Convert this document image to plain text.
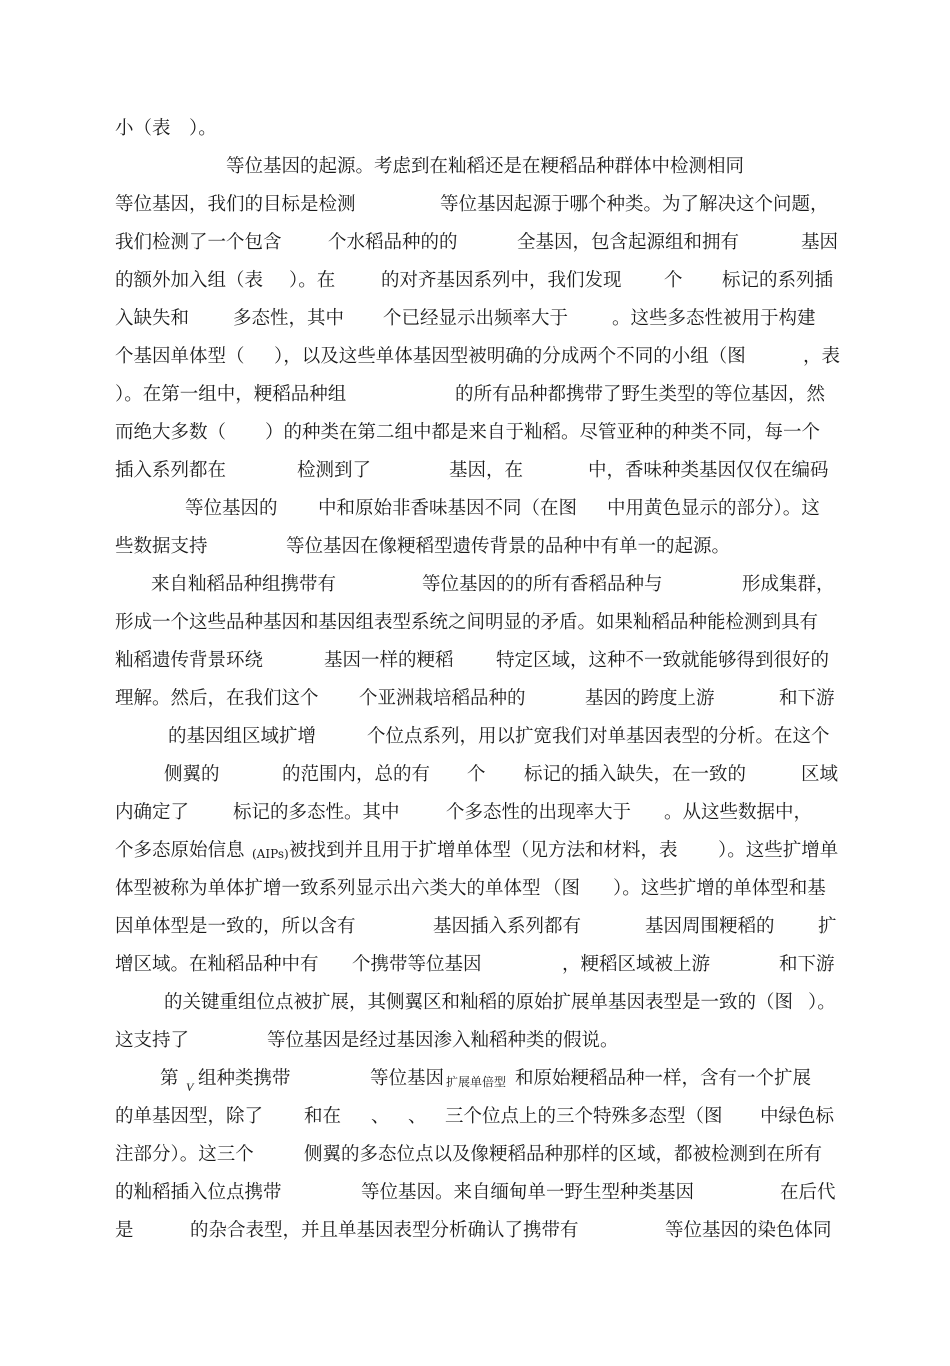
小（表　）。

等位基因的起源。考虑到在籼稻还是在粳稻品种群体中检测相同

等位基因，我们的目标是检测

	等位基因起源于哪个种类。为了解决这个问题，

我们检测了一个包含

	个水稻品种的的

	全基因，包含起源组和拥有

	基因

的额外加入组（表

）。在

的对齐基因系列中，我们发现

个

标记的系列插

入缺失和

多态性，其中

个已经显示出频率大于

。这些多态性被用于构建

个基因单体型（

），以及这些单体基因型被明确的分成两个不同的小组（图

	，表

）。在第一组中，粳稻品种组

	的所有品种都携带了野生类型的等位基因，然

而绝大多数（

）的种类在第二组中都是来自于籼稻。尽管亚种的种类不同，每一个

插入系列都在

	检测到了

	基因，在

	中，香味种类基因仅仅在编码

等位基因的

中和原始非香味基因不同（在图

中用黄色显示的部分）。这

些数据支持

	等位基因在像粳稻型遗传背景的品种中有单一的起源。

来自籼稻品种组携带有

	等位基因的的所有香稻品种与

	形成集群，

形成一个这些品种基因和基因组表型系统之间明显的矛盾。如果籼稻品种能检测到具有

籼稻遗传背景环绕

	基因一样的粳稻

特定区域，这种不一致就能够得到很好的

理解。然后，在我们这个

个亚洲栽培稻品种的

	基因的跨度上游

	和下游

的基因组区域扩增

	个位点系列，用以扩宽我们对单基因表型的分析。在这个

侧翼的

	的范围内，总的有

个

标记的插入缺失，在一致的

	区域

内确定了

标记的多态性。其中

	个多态性的出现率大于

。从这些数据中，

个多态原始信息

(AIPs)

被找到并且用于扩增单体型（见方法和材料，表

）。这些扩增单

体型被称为单体扩增一致系列显示出六类大的单体型

（图

）。这些扩增的单体型和基

因单体型是一致的，所以含有

	基因插入系列都有

	基因周围粳稻的

扩

增区域。在籼稻品种中有

个携带等位基因

	，粳稻区域被上游

	和下游

的关键重组位点被扩展，其侧翼区和籼稻的原始扩展单基因表型是一致的（图

）。

这支持了

	等位基因是经过基因渗入籼稻种类的假说。

第

V

组种类携带

	等位基因

扩展单倍型

和原始粳稻品种一样，含有一个扩展

的单基因型，除了

和在

、

、

三个位点上的三个特殊多态型（图

中绿色标

注部分）。这三个

	侧翼的多态位点以及像粳稻品种那样的区域，都被检测到在所有

的籼稻插入位点携带

	等位基因。来自缅甸单一野生型种类基因

	在后代

是

	的杂合表型，并且单基因表型分析确认了携带有

	等位基因的染色体同
